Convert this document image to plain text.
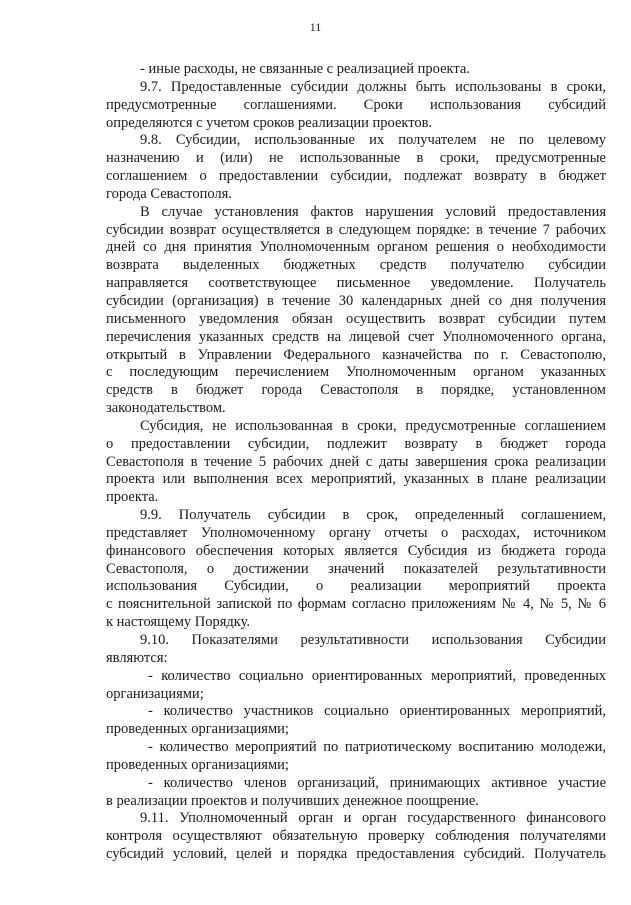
11
- иные расходы, не связанные с реализацией проекта.
9.7. Предоставленные субсидии должны быть использованы в сроки,
предусмотренные соглашениями. Сроки использования субсидий
определяются с учетом сроков реализации проектов.
9.8. Субсидии, использованные их получателем не по целевому
назначению и (или) не использованные в сроки, предусмотренные
соглашением о предоставлении субсидии, подлежат возврату в бюджет
города Севастополя.
В случае установления фактов нарушения условий предоставления
субсидии возврат осуществляется в следующем порядке: в течение 7 рабочих
дней со дня принятия Уполномоченным органом решения о необходимости
возврата выделенных бюджетных средств получателю субсидии
направляется соответствующее письменное уведомление. Получатель
субсидии (организация) в течение 30 календарных дней со дня получения
письменного уведомления обязан осуществить возврат субсидии путем
перечисления указанных средств на лицевой счет Уполномоченного органа,
открытый в Управлении Федерального казначейства по г. Севастополю,
с последующим перечислением Уполномоченным органом указанных
средств в бюджет города Севастополя в порядке, установленном
законодательством.
Субсидия, не использованная в сроки, предусмотренные соглашением
о предоставлении субсидии, подлежит возврату в бюджет города
Севастополя в течение 5 рабочих дней с даты завершения срока реализации
проекта или выполнения всех мероприятий, указанных в плане реализации
проекта.
9.9. Получатель субсидии в срок, определенный соглашением,
представляет Уполномоченному органу отчеты о расходах, источником
финансового обеспечения которых является Субсидия из бюджета города
Севастополя, о достижении значений показателей результативности
использования Субсидии, о реализации мероприятий проекта
с пояснительной запиской по формам согласно приложениям № 4, № 5, № 6
к настоящему Порядку.
9.10. Показателями результативности использования Субсидии
являются:
- количество социально ориентированных мероприятий, проведенных
организациями;
- количество участников социально ориентированных мероприятий,
проведенных организациями;
- количество мероприятий по патриотическому воспитанию молодежи,
проведенных организациями;
- количество членов организаций, принимающих активное участие
в реализации проектов и получивших денежное поощрение.
9.11. Уполномоченный орган и орган государственного финансового
контроля осуществляют обязательную проверку соблюдения получателями
субсидий условий, целей и порядка предоставления субсидий. Получатель
